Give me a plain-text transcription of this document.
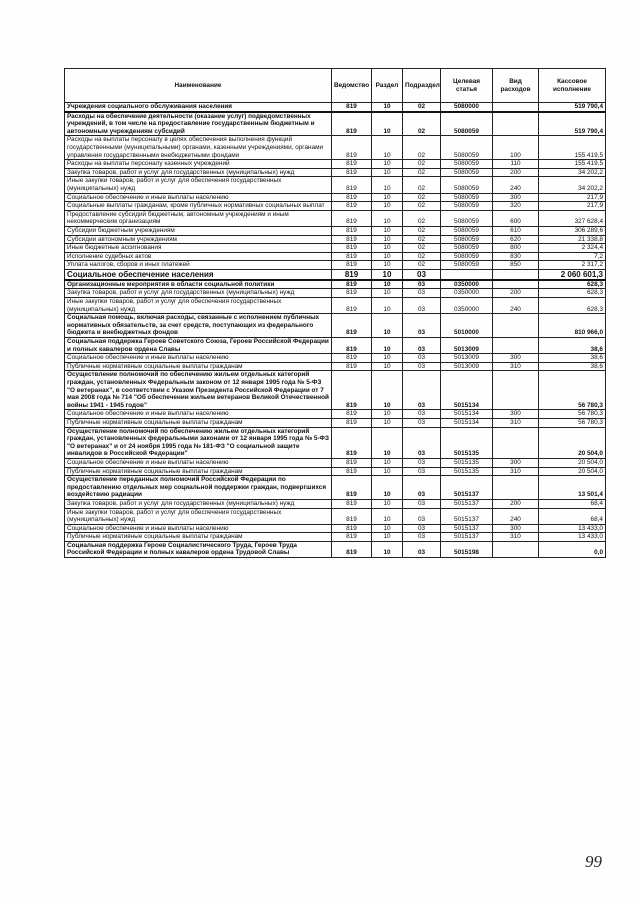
Наименование	Ведомство	Раздел	Подраздел	Целевая статья	Вид расходов	Кассовое исполнение
Учреждения социального обслуживания населения	819	10	02	5080000		519 790,4
Расходы на обеспечение деятельности (оказание услуг) подведомственных учреждений, в том числе на предоставление государственным бюджетным и автономным учреждениям субсидий	819	10	02	5080059		519 790,4
Расходы на выплаты персоналу в целях обеспечения выполнения функций государственными (муниципальными) органами, казенными учреждениями, органами управления государственными внебюджетными фондами	819	10	02	5080059	100	155 419,5
Расходы на выплаты персоналу казенных учреждений	819	10	02	5080059	110	155 419,5
Закупка товаров, работ и услуг для государственных (муниципальных) нужд	819	10	02	5080059	200	34 202,2
Иные закупки товаров, работ и услуг для обеспечения государственных (муниципальных) нужд	819	10	02	5080059	240	34 202,2
Социальное обеспечение и иные выплаты населению	819	10	02	5080059	300	217,9
Социальные выплаты гражданам, кроме публичных нормативных социальных выплат	819	10	02	5080059	320	217,9
Предоставление субсидий бюджетным, автономным учреждениям и иным некоммерческим организациям	819	10	02	5080059	600	327 628,4
Субсидии бюджетным учреждениям	819	10	02	5080059	610	306 289,6
Субсидии автономным учреждениям	819	10	02	5080059	620	21 338,8
Иные бюджетные ассигнования	819	10	02	5080059	800	2 324,4
Исполнение судебных актов	819	10	02	5080059	830	7,2
Уплата налогов, сборов и иных платежей	819	10	02	5080059	850	2 317,2
Социальное обеспечение населения	819	10	03			2 060 601,3
Организационные мероприятия в области социальной политики	819	10	03	0350000		628,3
Закупка товаров, работ и услуг для государственных (муниципальных) нужд	819	10	03	0350000	200	628,3
Иные закупки товаров, работ и услуг для обеспечения государственных (муниципальных) нужд	819	10	03	0350000	240	628,3
Социальная помощь, включая расходы, связанные с исполнением публичных нормативных обязательств, за счет средств, поступающих из федерального бюджета и внебюджетных фондов	819	10	03	5010000		810 966,0
Социальная поддержка Героев Советского Союза, Героев Российской Федерации и полных кавалеров ордена Славы	819	10	03	5013009		38,6
Социальное обеспечение и иные выплаты населению	819	10	03	5013009	300	38,6
Публичные нормативные социальные выплаты гражданам	819	10	03	5013009	310	38,6
Осуществление полномочий по обеспечению жильем отдельных категорий граждан, установленных Федеральным законом от 12 января 1995 года № 5-ФЗ "О ветеранах", в соответствии с Указом Президента Российской Федерации от 7 мая 2008 года № 714 "Об обеспечении жильем ветеранов Великой Отечественной войны 1941 - 1945 годов"	819	10	03	5015134		56 780,3
Социальное обеспечение и иные выплаты населению	819	10	03	5015134	300	56 780,3
Публичные нормативные социальные выплаты гражданам	819	10	03	5015134	310	56 780,3
Осуществление полномочий по обеспечению жильем отдельных категорий граждан, установленных федеральными законами от 12 января 1995 года № 5-ФЗ "О ветеранах" и от 24 ноября 1995 года № 181-ФЗ "О социальной защите инвалидов в Российской Федерации"	819	10	03	5015135		20 504,0
Социальное обеспечение и иные выплаты населению	819	10	03	5015135	300	20 504,0
Публичные нормативные социальные выплаты гражданам	819	10	03	5015135	310	20 504,0
Осуществление переданных полномочий Российской Федерации по предоставлению отдельных мер социальной поддержки граждан, подвергшихся воздействию радиации	819	10	03	5015137		13 501,4
Закупка товаров, работ и услуг для государственных (муниципальных) нужд	819	10	03	5015137	200	68,4
Иные закупки товаров, работ и услуг для обеспечения государственных (муниципальных) нужд	819	10	03	5015137	240	68,4
Социальное обеспечение и иные выплаты населению	819	10	03	5015137	300	13 433,0
Публичные нормативные социальные выплаты гражданам	819	10	03	5015137	310	13 433,0
Социальная поддержка Героев Социалистического Труда, Героев Труда Российской Федерации и полных кавалеров ордена Трудовой Славы	819	10	03	5015198		0,0
99
